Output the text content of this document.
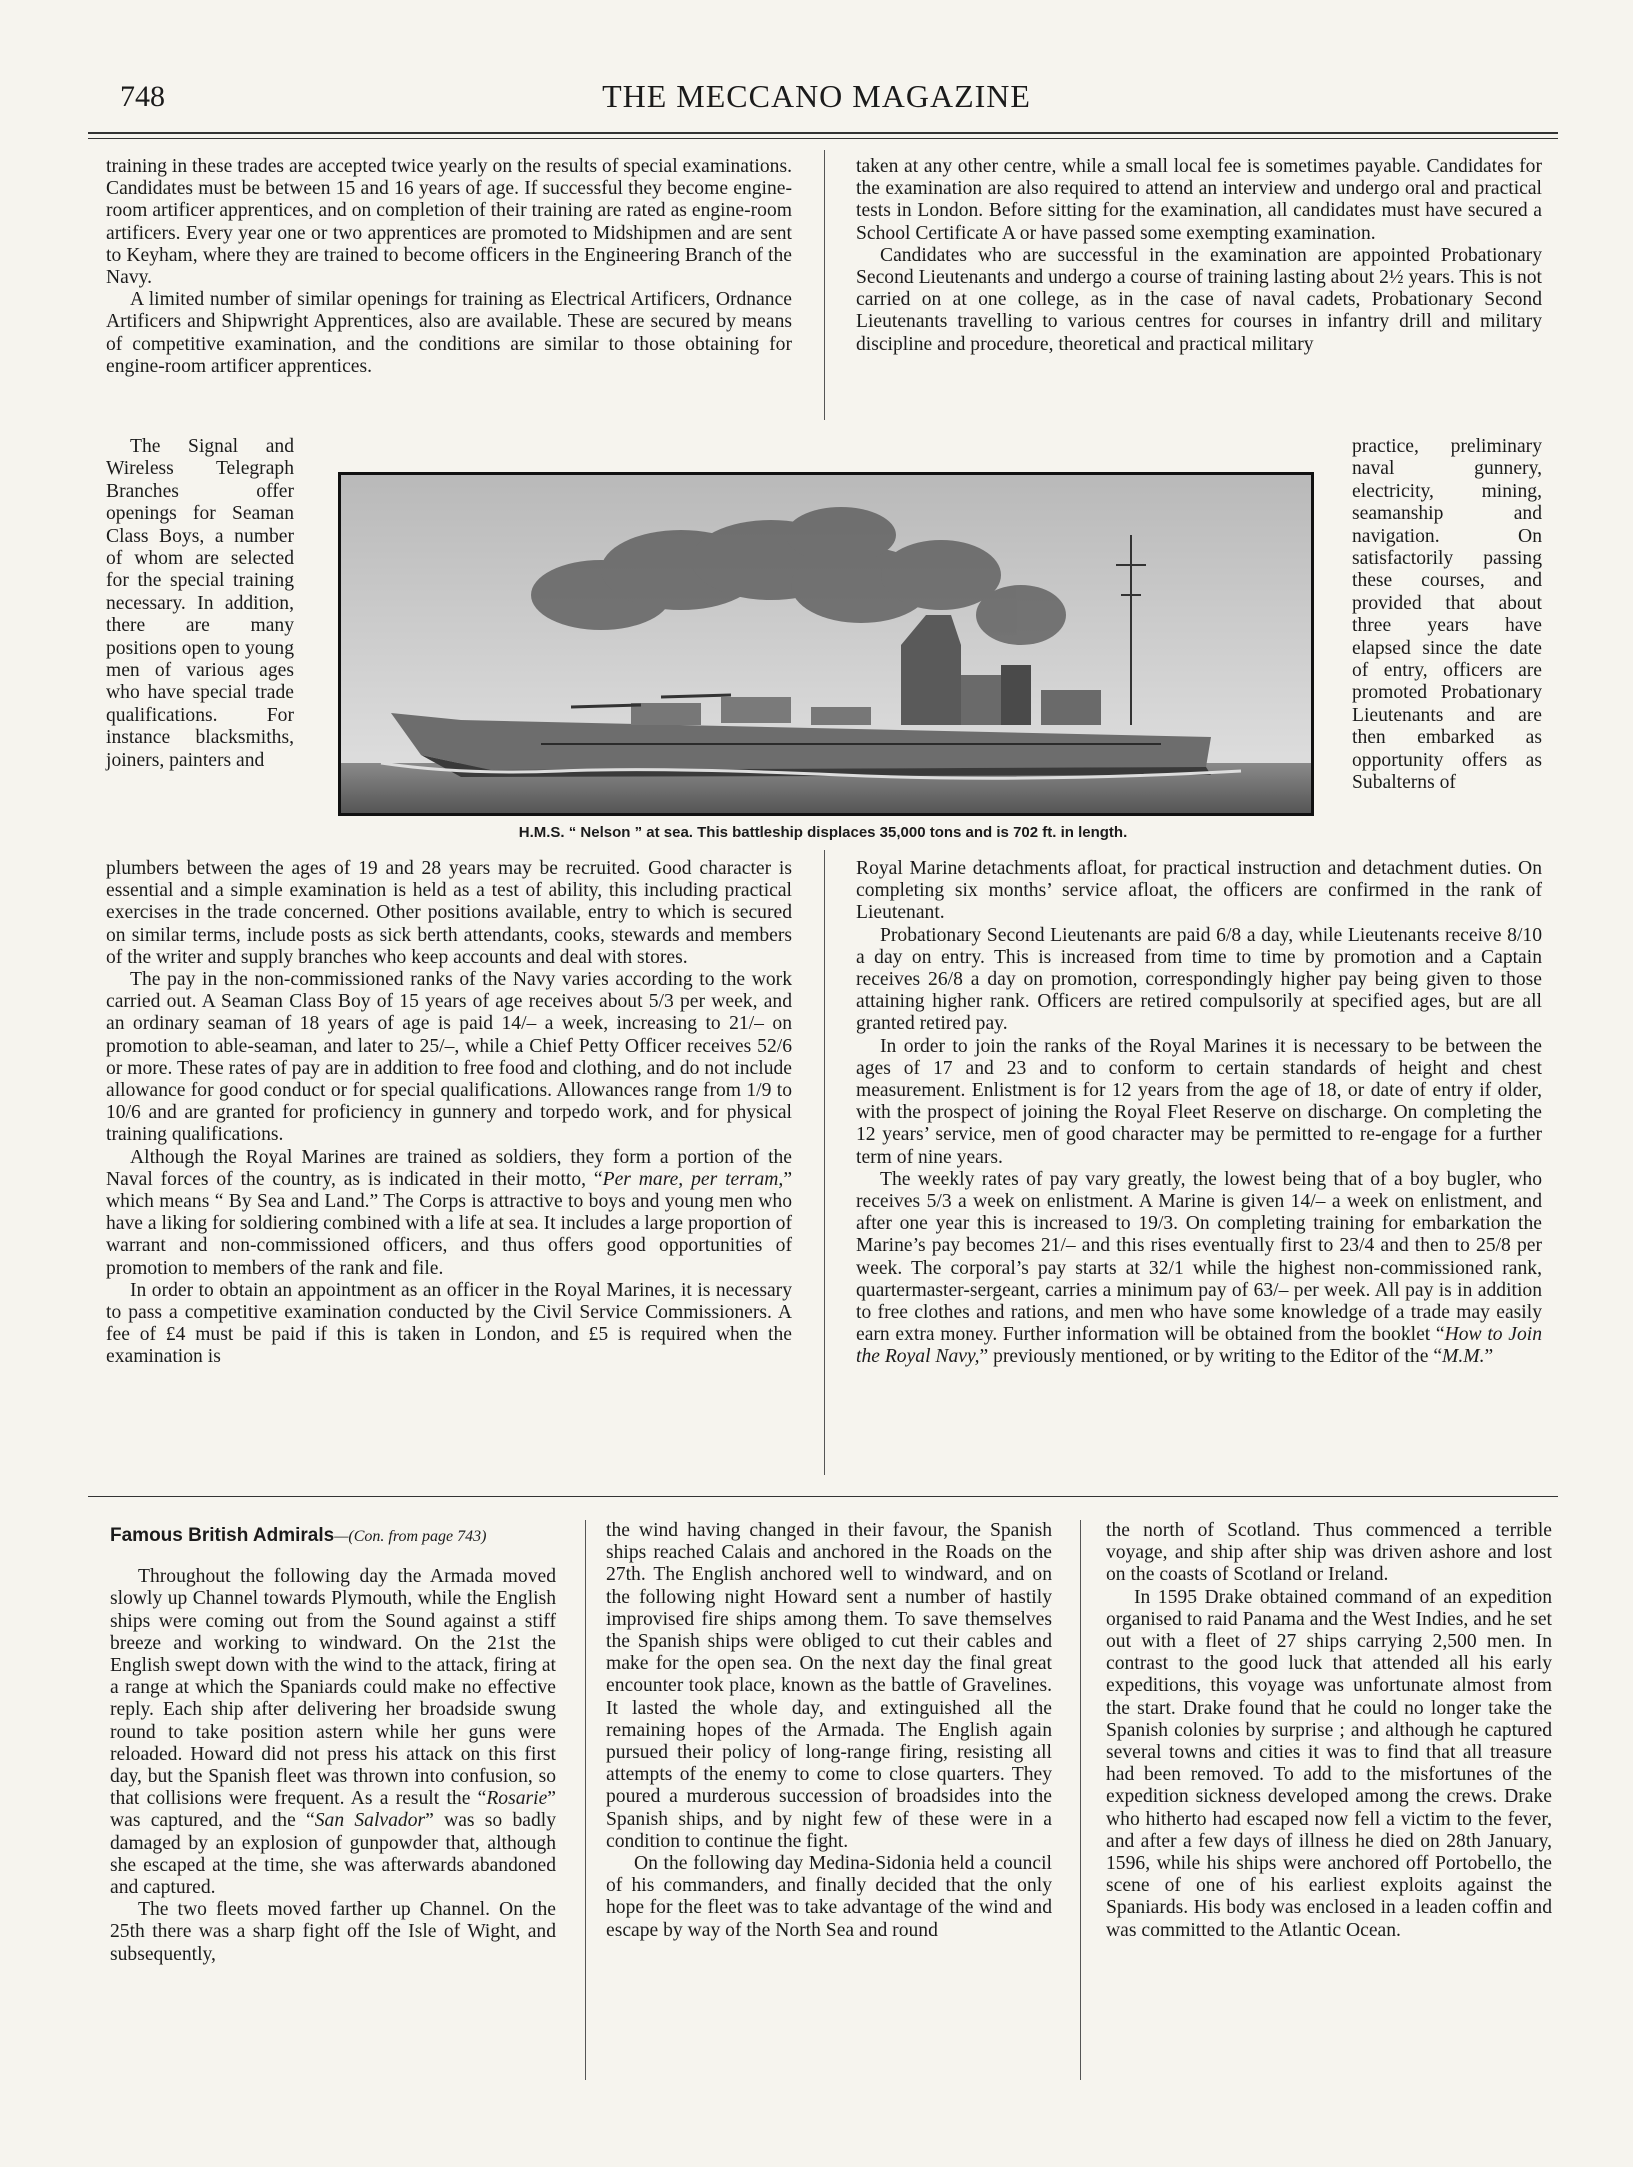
748	THE MECCANO MAGAZINE

training in these trades are accepted twice yearly on the results of special examinations. Candidates must be between 15 and 16 years of age. If successful they become engine-room artificer apprentices, and on completion of their training are rated as engine-room artificers. Every year one or two apprentices are promoted to Midshipmen and are sent to Keyham, where they are trained to become officers in the Engineering Branch of the Navy.

A limited number of similar openings for training as Electrical Artificers, Ordnance Artificers and Shipwright Apprentices, also are available. These are secured by means of competitive examination, and the conditions are similar to those obtaining for engine-room artificer apprentices.

The Signal and Wireless Telegraph Branches offer openings for Seaman Class Boys, a number of whom are selected for the special training necessary. In addition, there are many positions open to young men of various ages who have special trade qualifications. For instance blacksmiths, joiners, painters and

H.M.S. “ Nelson ” at sea. This battleship displaces 35,000 tons and is 702 ft. in length.

plumbers between the ages of 19 and 28 years may be recruited. Good character is essential and a simple examination is held as a test of ability, this including practical exercises in the trade concerned. Other positions available, entry to which is secured on similar terms, include posts as sick berth attendants, cooks, stewards and members of the writer and supply branches who keep accounts and deal with stores.

The pay in the non-commissioned ranks of the Navy varies according to the work carried out. A Seaman Class Boy of 15 years of age receives about 5/3 per week, and an ordinary seaman of 18 years of age is paid 14/– a week, increasing to 21/– on promotion to able-seaman, and later to 25/–, while a Chief Petty Officer receives 52/6 or more. These rates of pay are in addition to free food and clothing, and do not include allowance for good conduct or for special qualifications. Allowances range from 1/9 to 10/6 and are granted for proficiency in gunnery and torpedo work, and for physical training qualifications.

Although the Royal Marines are trained as soldiers, they form a portion of the Naval forces of the country, as is indicated in their motto, “Per mare, per terram,” which means “ By Sea and Land.” The Corps is attractive to boys and young men who have a liking for soldiering combined with a life at sea. It includes a large proportion of warrant and non-commissioned officers, and thus offers good opportunities of promotion to members of the rank and file.

In order to obtain an appointment as an officer in the Royal Marines, it is necessary to pass a competitive examination conducted by the Civil Service Commissioners. A fee of £4 must be paid if this is taken in London, and £5 is required when the examination is

taken at any other centre, while a small local fee is sometimes payable. Candidates for the examination are also required to attend an interview and undergo oral and practical tests in London. Before sitting for the examination, all candidates must have secured a School Certificate A or have passed some exempting examination.

Candidates who are successful in the examination are appointed Probationary Second Lieutenants and undergo a course of training lasting about 2½ years. This is not carried on at one college, as in the case of naval cadets, Probationary Second Lieutenants travelling to various centres for courses in infantry drill and military discipline and procedure, theoretical and practical military

practice, preliminary naval gunnery, electricity, mining, seamanship and navigation. On satisfactorily passing these courses, and provided that about three years have elapsed since the date of entry, officers are promoted Probationary Lieutenants and are then embarked as opportunity offers as Subalterns of

Royal Marine detachments afloat, for practical instruction and detachment duties. On completing six months’ service afloat, the officers are confirmed in the rank of Lieutenant.

Probationary Second Lieutenants are paid 6/8 a day, while Lieutenants receive 8/10 a day on entry. This is increased from time to time by promotion and a Captain receives 26/8 a day on promotion, correspondingly higher pay being given to those attaining higher rank. Officers are retired compulsorily at specified ages, but are all granted retired pay.

In order to join the ranks of the Royal Marines it is necessary to be between the ages of 17 and 23 and to conform to certain standards of height and chest measurement. Enlistment is for 12 years from the age of 18, or date of entry if older, with the prospect of joining the Royal Fleet Reserve on discharge. On completing the 12 years’ service, men of good character may be permitted to re-engage for a further term of nine years.

The weekly rates of pay vary greatly, the lowest being that of a boy bugler, who receives 5/3 a week on enlistment. A Marine is given 14/– a week on enlistment, and after one year this is increased to 19/3. On completing training for embarkation the Marine’s pay becomes 21/– and this rises eventually first to 23/4 and then to 25/8 per week. The corporal’s pay starts at 32/1 while the highest non-commissioned rank, quartermaster-sergeant, carries a minimum pay of 63/– per week. All pay is in addition to free clothes and rations, and men who have some knowledge of a trade may easily earn extra money. Further information will be obtained from the booklet “How to Join the Royal Navy,” previously mentioned, or by writing to the Editor of the “M.M.”

Famous British Admirals—(Con. from page 743)

Throughout the following day the Armada moved slowly up Channel towards Plymouth, while the English ships were coming out from the Sound against a stiff breeze and working to windward. On the 21st the English swept down with the wind to the attack, firing at a range at which the Spaniards could make no effective reply. Each ship after delivering her broadside swung round to take position astern while her guns were reloaded. Howard did not press his attack on this first day, but the Spanish fleet was thrown into confusion, so that collisions were frequent. As a result the “Rosarie” was captured, and the “San Salvador” was so badly damaged by an explosion of gunpowder that, although she escaped at the time, she was afterwards abandoned and captured.

The two fleets moved farther up Channel. On the 25th there was a sharp fight off the Isle of Wight, and subsequently,

the wind having changed in their favour, the Spanish ships reached Calais and anchored in the Roads on the 27th. The English anchored well to windward, and on the following night Howard sent a number of hastily improvised fire ships among them. To save themselves the Spanish ships were obliged to cut their cables and make for the open sea. On the next day the final great encounter took place, known as the battle of Gravelines. It lasted the whole day, and extinguished all the remaining hopes of the Armada. The English again pursued their policy of long-range firing, resisting all attempts of the enemy to come to close quarters. They poured a murderous succession of broadsides into the Spanish ships, and by night few of these were in a condition to continue the fight.

On the following day Medina-Sidonia held a council of his commanders, and finally decided that the only hope for the fleet was to take advantage of the wind and escape by way of the North Sea and round

the north of Scotland. Thus commenced a terrible voyage, and ship after ship was driven ashore and lost on the coasts of Scotland or Ireland.

In 1595 Drake obtained command of an expedition organised to raid Panama and the West Indies, and he set out with a fleet of 27 ships carrying 2,500 men. In contrast to the good luck that attended all his early expeditions, this voyage was unfortunate almost from the start. Drake found that he could no longer take the Spanish colonies by surprise ; and although he captured several towns and cities it was to find that all treasure had been removed. To add to the misfortunes of the expedition sickness developed among the crews. Drake who hitherto had escaped now fell a victim to the fever, and after a few days of illness he died on 28th January, 1596, while his ships were anchored off Portobello, the scene of one of his earliest exploits against the Spaniards. His body was enclosed in a leaden coffin and was committed to the Atlantic Ocean.
